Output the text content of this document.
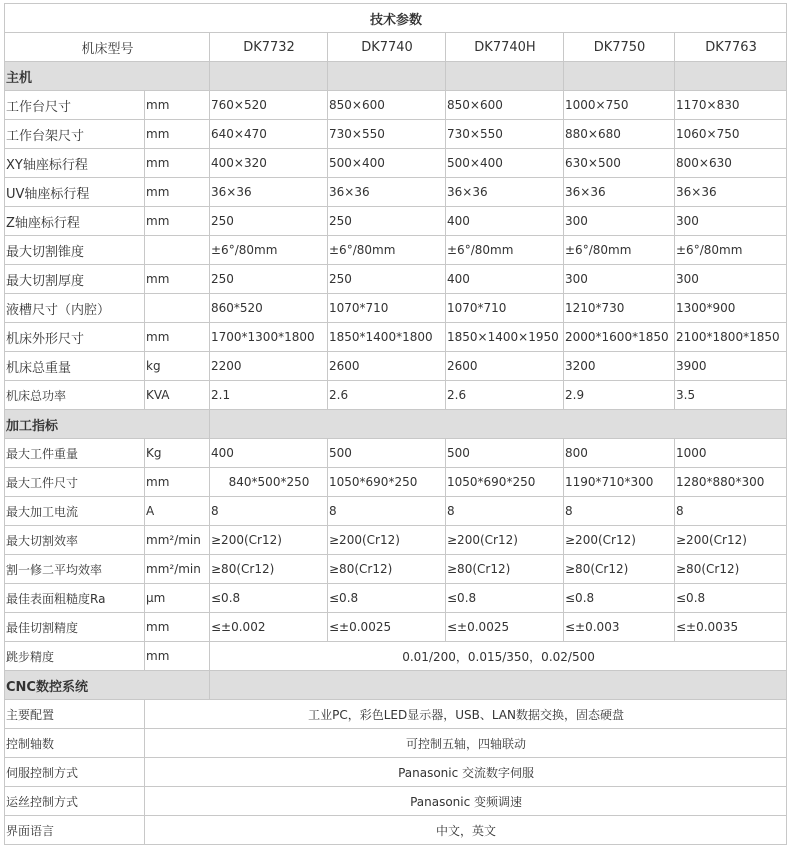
技术参数						
机床型号		DK7732	DK7740	DK7740H	DK7750	DK7763
主机						
工作台尺寸	mm	760×520	850×600	850×600	1000×750	1170×830
工作台架尺寸	mm	640×470	730×550	730×550	880×680	1060×750
XY轴座标行程	mm	400×320	500×400	500×400	630×500	800×630
UV轴座标行程	mm	36×36	36×36	36×36	36×36	36×36
Z轴座标行程	mm	250	250	400	300	300
最大切割锥度		±6°/80mm	±6°/80mm	±6°/80mm	±6°/80mm	±6°/80mm
最大切割厚度	mm	250	250	400	300	300
液槽尺寸（内腔）		860*520	1070*710	1070*710	1210*730	1300*900
机床外形尺寸	mm	1700*1300*1800	1850*1400*1800	1850×1400×1950	2000*1600*1850	2100*1800*1850
机床总重量	kg	2200	2600	2600	3200	3900
机床总功率	KVA	2.1	2.6	2.6	2.9	3.5
加工指标						
最大工件重量	Kg	400	500	500	800	1000
最大工件尺寸	mm	840*500*250	1050*690*250	1050*690*250	1190*710*300	1280*880*300
最大加工电流	A	8	8	8	8	8
最大切割效率	mm²/min	≥200(Cr12)	≥200(Cr12)	≥200(Cr12)	≥200(Cr12)	≥200(Cr12)
割一修二平均效率	mm²/min	≥80(Cr12)	≥80(Cr12)	≥80(Cr12)	≥80(Cr12)	≥80(Cr12)
最佳表面粗糙度Ra	μm	≤0.8	≤0.8	≤0.8	≤0.8	≤0.8
最佳切割精度	mm	≤±0.002	≤±0.0025	≤±0.0025	≤±0.003	≤±0.0035
跳步精度	mm	0.01/200，0.015/350，0.02/500				
CNC数控系统						
主要配置	工业PC，彩色LED显示器，USB、LAN数据交换，固态硬盘					
控制轴数	可控制五轴，四轴联动					
伺服控制方式	Panasonic 交流数字伺服					
运丝控制方式	Panasonic 变频调速					
界面语言	中文，英文					
